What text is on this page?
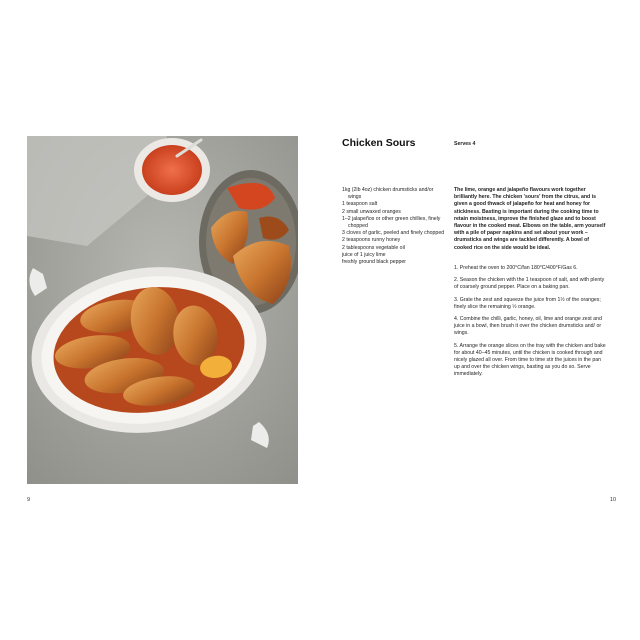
9	10
Chicken Sours	Serves 4
1kg (2lb 4oz) chicken drumsticks and/or wings
1 teaspoon salt
2 small unwaxed oranges
1–2 jalapeños or other green chillies, finely chopped
3 cloves of garlic, peeled and finely chopped
2 teaspoons runny honey
2 tablespoons vegetable oil
juice of 1 juicy lime
freshly ground black pepper

The lime, orange and jalapeño flavours work together brilliantly here. The chicken 'sours' from the citrus, and is given a good thwack of jalapeño for heat and honey for stickiness. Basting is important during the cooking time to retain moistness, improve the finished glaze and to boost flavour in the cooked meat. Elbows on the table, arm yourself with a pile of paper napkins and set about your work – drumsticks and wings are tackled differently. A bowl of cooked rice on the side would be ideal.

1. Preheat the oven to 200°C/fan 180°C/400°F/Gas 6.
2. Season the chicken with the 1 teaspoon of salt, and with plenty of coarsely ground pepper. Place on a baking pan.
3. Grate the zest and squeeze the juice from 1½ of the oranges; finely slice the remaining ½ orange.
4. Combine the chilli, garlic, honey, oil, lime and orange zest and juice in a bowl, then brush it over the chicken drumsticks and/ or wings.
5. Arrange the orange slices on the tray with the chicken and bake for about 40–45 minutes, until the chicken is cooked through and nicely glazed all over. From time to time stir the juices in the pan up and over the chicken wings, basting as you do so. Serve immediately.
